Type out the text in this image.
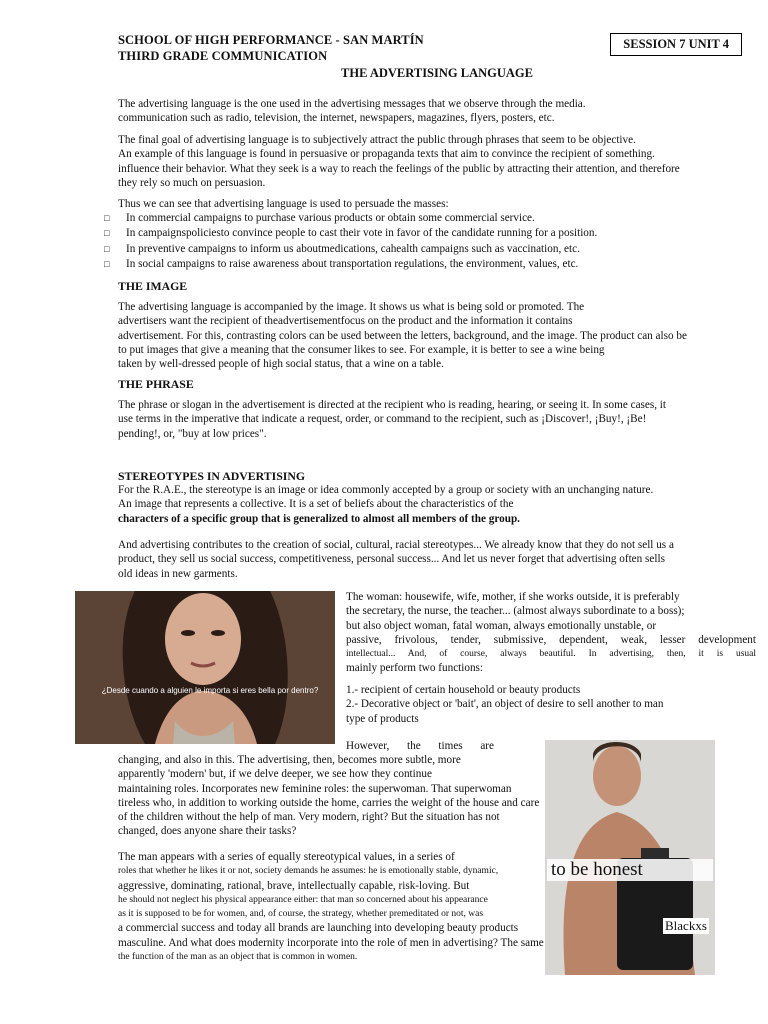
SCHOOL OF HIGH PERFORMANCE - SAN MARTÍN
THIRD GRADE COMMUNICATION
SESSION 7 UNIT 4
THE ADVERTISING LANGUAGE
The advertising language is the one used in the advertising messages that we observe through the media.
communication such as radio, television, the internet, newspapers, magazines, flyers, posters, etc.
The final goal of advertising language is to subjectively attract the public through phrases that seem to be objective.
An example of this language is found in persuasive or propaganda texts that aim to convince the recipient of something.
influence their behavior. What they seek is a way to reach the feelings of the public by attracting their attention, and therefore
they rely so much on persuasion.
Thus we can see that advertising language is used to persuade the masses:
□	In commercial campaigns to purchase various products or obtain some commercial service.
□	In campaignspoliciesto convince people to cast their vote in favor of the candidate running for a position.
□	In preventive campaigns to inform us aboutmedications, cahealth campaigns such as vaccination, etc.
□	In social campaigns to raise awareness about transportation regulations, the environment, values, etc.
THE IMAGE
The advertising language is accompanied by the image. It shows us what is being sold or promoted. The
advertisers want the recipient of theadvertisementfocus on the product and the information it contains
advertisement. For this, contrasting colors can be used between the letters, background, and the image. The product can also be
to put images that give a meaning that the consumer likes to see. For example, it is better to see a wine being
taken by well-dressed people of high social status, that a wine on a table.
THE PHRASE
The phrase or slogan in the advertisement is directed at the recipient who is reading, hearing, or seeing it. In some cases, it
use terms in the imperative that indicate a request, order, or command to the recipient, such as ¡Discover!, ¡Buy!, ¡Be!
pending!, or, "buy at low prices".
STEREOTYPES IN ADVERTISING
For the R.A.E., the stereotype is an image or idea commonly accepted by a group or society with an unchanging nature.
An image that represents a collective. It is a set of beliefs about the characteristics of the
characters of a specific group that is generalized to almost all members of the group.
And advertising contributes to the creation of social, cultural, racial stereotypes... We already know that they do not sell us a
product, they sell us social success, competitiveness, personal success... And let us never forget that advertising often sells
old ideas in new garments.
¿Desde cuando a alguien le importa si eres bella por dentro?
The woman: housewife, wife, mother, if she works outside, it is preferably
the secretary, the nurse, the teacher... (almost always subordinate to a boss);
but also object woman, fatal woman, always emotionally unstable, or
passive, frivolous, tender, submissive, dependent, weak, lesser development
intellectual... And, of course, always beautiful. In advertising, then, it is usual
mainly perform two functions:
1.- recipient of certain household or beauty products
2.- Decorative object or 'bait', an object of desire to sell another to man
type of products
However, the times are
changing, and also in this. The advertising, then, becomes more subtle, more
apparently 'modern' but, if we delve deeper, we see how they continue
maintaining roles. Incorporates new feminine roles: the superwoman. That superwoman
tireless who, in addition to working outside the home, carries the weight of the house and care
of the children without the help of man. Very modern, right? But the situation has not
changed, does anyone share their tasks?
to be honest
Blackxs
The man appears with a series of equally stereotypical values, in a series of
roles that whether he likes it or not, society demands he assumes: he is emotionally stable, dynamic,
aggressive, dominating, rational, brave, intellectually capable, risk-loving. But
he should not neglect his physical appearance either: that man so concerned about his appearance
as it is supposed to be for women, and, of course, the strategy, whether premeditated or not, was
a commercial success and today all brands are launching into developing beauty products
masculine. And what does modernity incorporate into the role of men in advertising? The same
the function of the man as an object that is common in women.
